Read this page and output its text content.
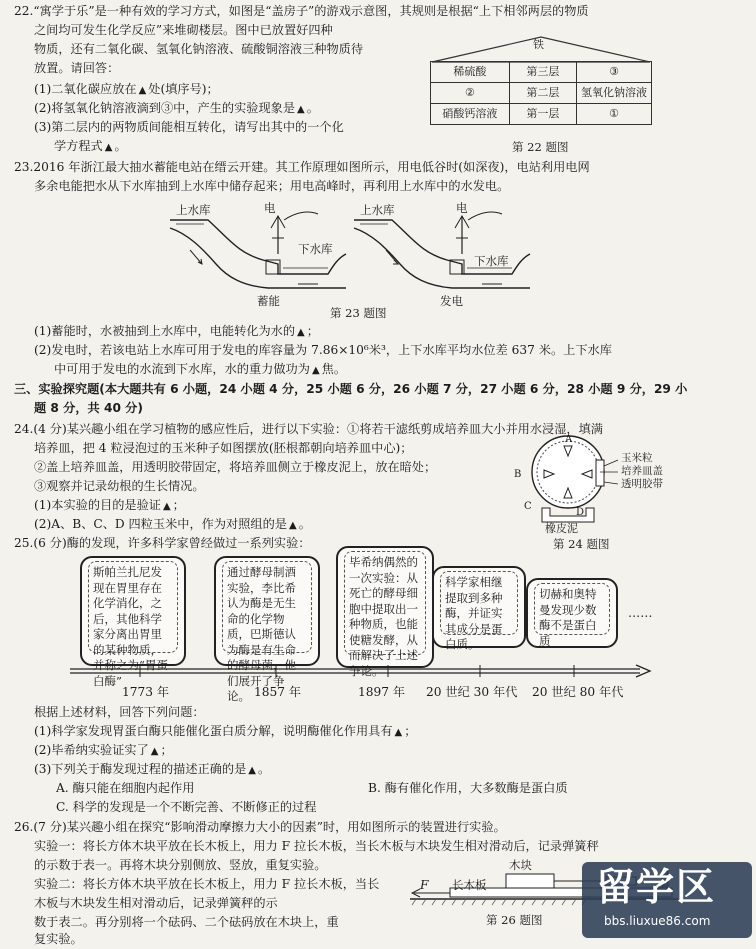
22.“寓学于乐”是一种有效的学习方式，如图是“盖房子”的游戏示意图，其规则是根据“上下相邻两层的物质
之间均可发生化学反应”来堆砌楼层。图中已放置好四种
物质，还有二氧化碳、氢氧化钠溶液、硫酸铜溶液三种物质待
放置。请回答：
(1)二氧化碳应放在 ▲ 处(填序号)；
(2)将氢氧化钠溶液滴到③中，产生的实验现象是 ▲ 。
(3)第二层内的两物质间能相互转化，请写出其中的一个化
学方程式 ▲ 。
铁
稀硫酸	第三层	③
②	第二层	氢氧化钠溶液
硝酸钙溶液	第一层	①
第 22 题图
23.2016 年浙江最大抽水蓄能电站在缙云开建。其工作原理如图所示，用电低谷时(如深夜)，电站利用电网
多余电能把水从下水库抽到上水库中储存起来；用电高峰时，再利用上水库中的水发电。
上水库	电
下水库
蓄能
上水库	电
下水库
发电
第 23 题图
(1)蓄能时，水被抽到上水库中，电能转化为水的 ▲ ；
(2)发电时，若该电站上水库可用于发电的库容量为 7.86×10⁶米³，上下水库平均水位差 637 米。上下水库
中可用于发电的水流到下水库，水的重力做功为 ▲ 焦。
三、实验探究题(本大题共有 6 小题，24 小题 4 分，25 小题 6 分，26 小题 7 分，27 小题 6 分，28 小题 9 分，29 小
题 8 分，共 40 分)
24.(4 分)某兴趣小组在学习植物的感应性后，进行以下实验：①将若干滤纸剪成培养皿大小并用水浸湿，填满
培养皿，把 4 粒浸泡过的玉米种子如图摆放(胚根都朝向培养皿中心)；
②盖上培养皿盖，用透明胶带固定，将培养皿侧立于橡皮泥上，放在暗处；
③观察并记录幼根的生长情况。
(1)本实验的目的是验证 ▲ ；
(2)A、B、C、D 四粒玉米中，作为对照组的是 ▲ 。
A
B
C
D
玉米粒
培养皿盖
透明胶带
橡皮泥
第 24 题图
25.(6 分)酶的发现，许多科学家曾经做过一系列实验：
斯帕兰扎尼发现在胃里存在化学消化，之后，其他科学家分离出胃里的某种物质，并称之为“胃蛋白酶”
通过酵母制酒实验，李比希认为酶是无生命的化学物质，巴斯德认为酶是有生命的酵母菌，他们展开了争论。
毕希纳偶然的一次实验：从死亡的酵母细胞中提取出一种物质，也能使糖发酵，从而解决了上述争论。
科学家相继提取到多种酶，并证实其成分是蛋白质。
切赫和奥特曼发现少数酶不是蛋白质
……
1773 年	1857 年	1897 年 20 世纪 30 年代 20 世纪 80 年代
根据上述材料，回答下列问题：
(1)科学家发现胃蛋白酶只能催化蛋白质分解，说明酶催化作用具有 ▲ ；
(2)毕希纳实验证实了 ▲ ；
(3)下列关于酶发现过程的描述正确的是 ▲ 。
A. 酶只能在细胞内起作用	B. 酶有催化作用，大多数酶是蛋白质
C. 科学的发现是一个不断完善、不断修正的过程
26.(7 分)某兴趣小组在探究“影响滑动摩擦力大小的因素”时，用如图所示的装置进行实验。
实验一：将长方体木块平放在长木板上，用力 F 拉长木板，当长木板与木块发生相对滑动后，记录弹簧秤
的示数于表一。再将木块分别侧放、竖放，重复实验。
实验二：将长方体木块平放在长木板上，用力 F 拉长木板，当长
木板与木块发生相对滑动后，记录弹簧秤的示
数于表二。再分别将一个砝码、二个砝码放在木块上，重
复实验。
木块
长木板
F
第 26 题图
留学区
bbs.liuxue86.com
